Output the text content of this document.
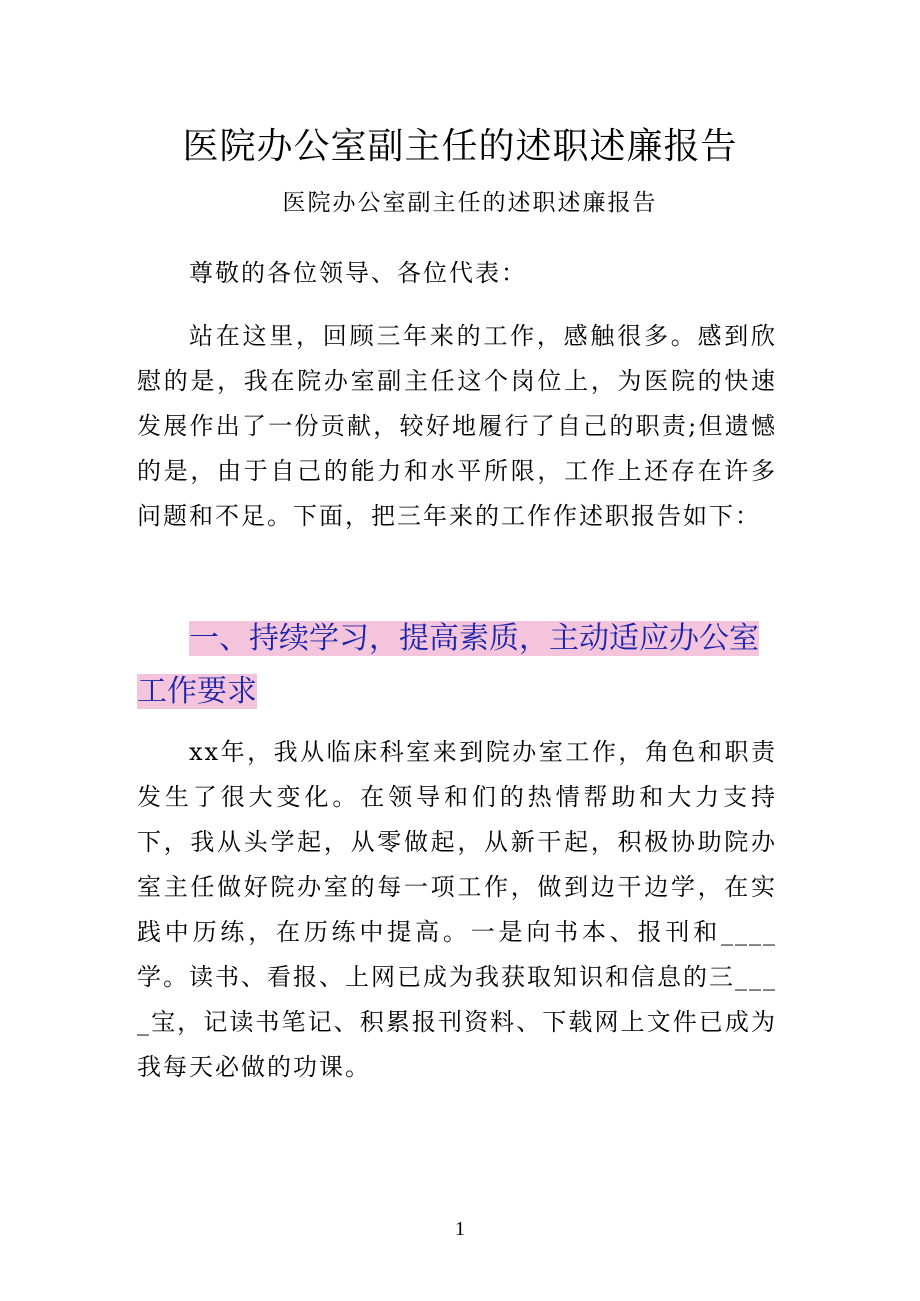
医院办公室副主任的述职述廉报告
医院办公室副主任的述职述廉报告

尊敬的各位领导、各位代表：

站在这里，回顾三年来的工作，感触很多。感到欣慰的是，我在院办室副主任这个岗位上，为医院的快速发展作出了一份贡献，较好地履行了自己的职责;但遗憾的是，由于自己的能力和水平所限，工作上还存在许多问题和不足。下面，把三年来的工作作述职报告如下：

一、持续学习，提高素质，主动适应办公室工作要求

xx年，我从临床科室来到院办室工作，角色和职责发生了很大变化。在领导和们的热情帮助和大力支持下，我从头学起，从零做起，从新干起，积极协助院办室主任做好院办室的每一项工作，做到边干边学，在实践中历练，在历练中提高。一是向书本、报刊和____学。读书、看报、上网已成为我获取知识和信息的三____宝，记读书笔记、积累报刊资料、下载网上文件已成为我每天必做的功课。

1
